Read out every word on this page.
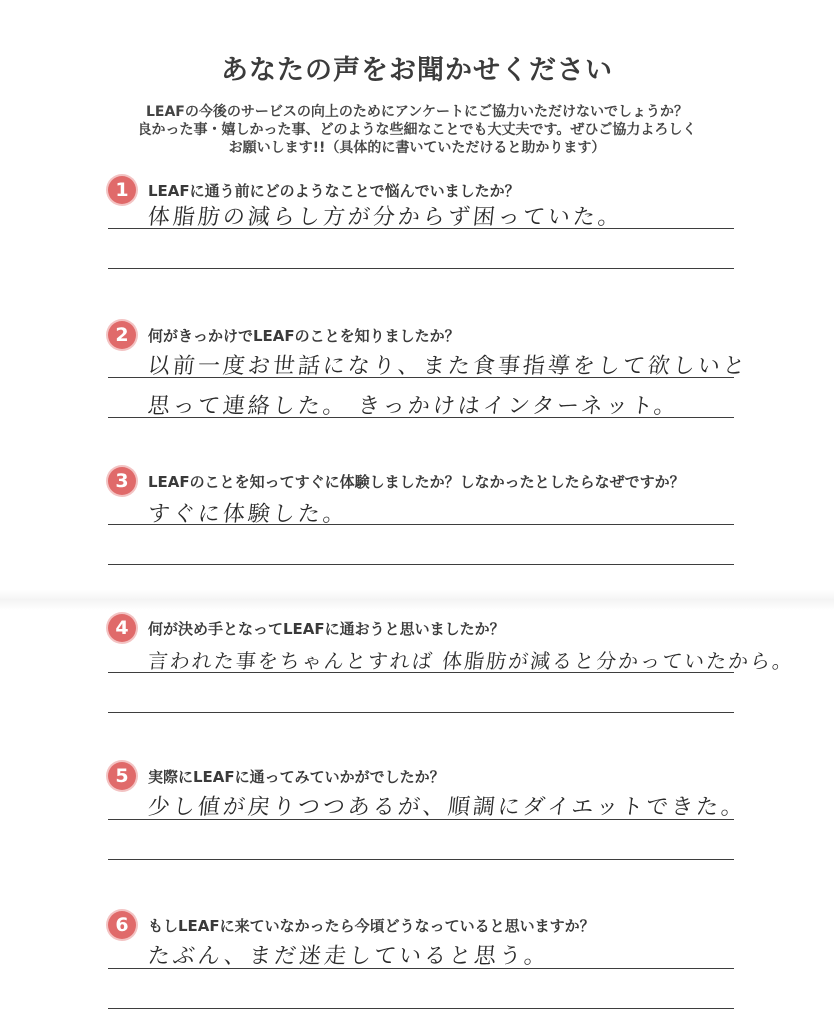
あなたの声をお聞かせください
LEAFの今後のサービスの向上のためにアンケートにご協力いただけないでしょうか？
良かった事・嬉しかった事、どのような些細なことでも大丈夫です。ぜひご協力よろしく
お願いします!!（具体的に書いていただけると助かります）
1	LEAFに通う前にどのようなことで悩んでいましたか？
体脂肪の減らし方が分からず困っていた。
2	何がきっかけでLEAFのことを知りましたか？
以前一度お世話になり、また食事指導をして欲しいと
思って連絡した。 きっかけはインターネット。
3	LEAFのことを知ってすぐに体験しましたか？しなかったとしたらなぜですか？
すぐに体験した。
4	何が決め手となってLEAFに通おうと思いましたか？
言われた事をちゃんとすれば 体脂肪が減ると分かっていたから。
5	実際にLEAFに通ってみていかがでしたか？
少し値が戻りつつあるが、順調にダイエットできた。
6	もしLEAFに来ていなかったら今頃どうなっていると思いますか？
たぶん、まだ迷走していると思う。
